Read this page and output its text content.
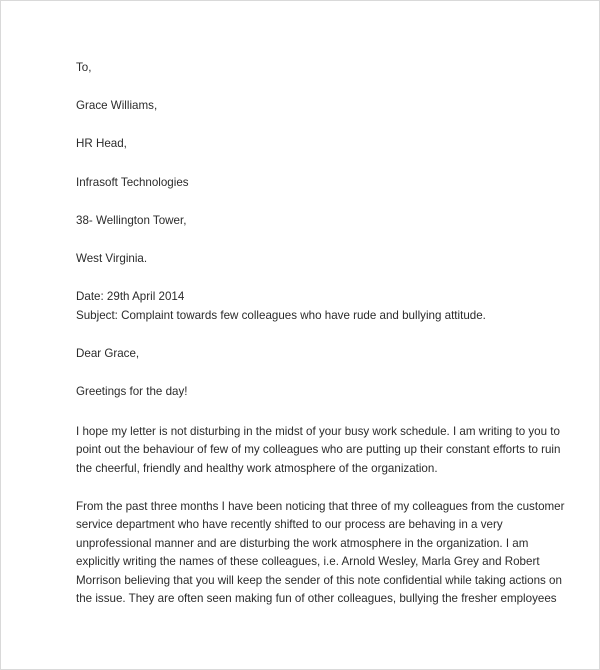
To,
Grace Williams,
HR Head,
Infrasoft Technologies
38- Wellington Tower,
West Virginia.
Date: 29th April 2014
Subject: Complaint towards few colleagues who have rude and bullying attitude.
Dear Grace,
Greetings for the day!
I hope my letter is not disturbing in the midst of your busy work schedule. I am writing to you to
point out the behaviour of few of my colleagues who are putting up their constant efforts to ruin
the cheerful, friendly and healthy work atmosphere of the organization.
From the past three months I have been noticing that three of my colleagues from the customer
service department who have recently shifted to our process are behaving in a very
unprofessional manner and are disturbing the work atmosphere in the organization. I am
explicitly writing the names of these colleagues, i.e. Arnold Wesley, Marla Grey and Robert
Morrison believing that you will keep the sender of this note confidential while taking actions on
the issue. They are often seen making fun of other colleagues, bullying the fresher employees
